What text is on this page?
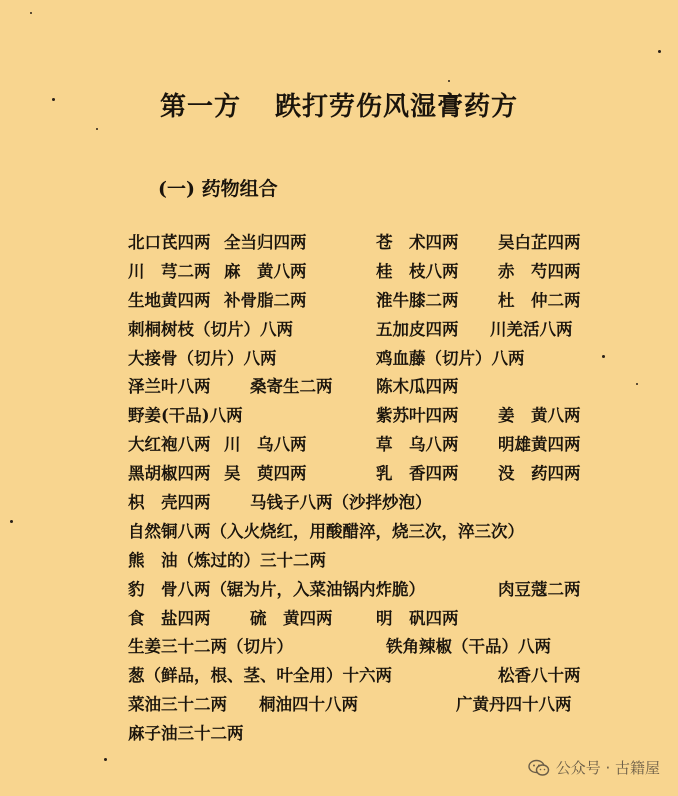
第一方 跌打劳伤风湿膏药方
(一) 药物组合
北口芪四两 全当归四两	苍　术四两 吴白芷四两
川　芎二两 麻　黄八两	桂　枝八两 赤　芍四两
生地黄四两 补骨脂二两	淮牛膝二两 杜　仲二两
刺桐树枝（切片）八两	五加皮四两 川羌活八两
大接骨（切片）八两	鸡血藤（切片）八两
泽兰叶八两 桑寄生二两	陈木瓜四两
野姜(干品)八两	紫苏叶四两 姜　黄八两
大红袍八两 川　乌八两	草　乌八两 明雄黄四两
黑胡椒四两 吴　萸四两	乳　香四两 没　药四两
枳　壳四两 马钱子八两（沙拌炒泡）
自然铜八两（入火烧红，用酸醋淬，烧三次，淬三次）
熊　油（炼过的）三十二两
豹　骨八两（锯为片，入菜油锅内炸脆）	肉豆蔻二两
食　盐四两 硫　黄四两	明　矾四两
生姜三十二两（切片）	铁角辣椒（干品）八两
葱（鲜品，根、茎、叶全用）十六两	松香八十两
菜油三十二两 桐油四十八两	广黄丹四十八两
麻子油三十二两
公众号 · 古籍屋
